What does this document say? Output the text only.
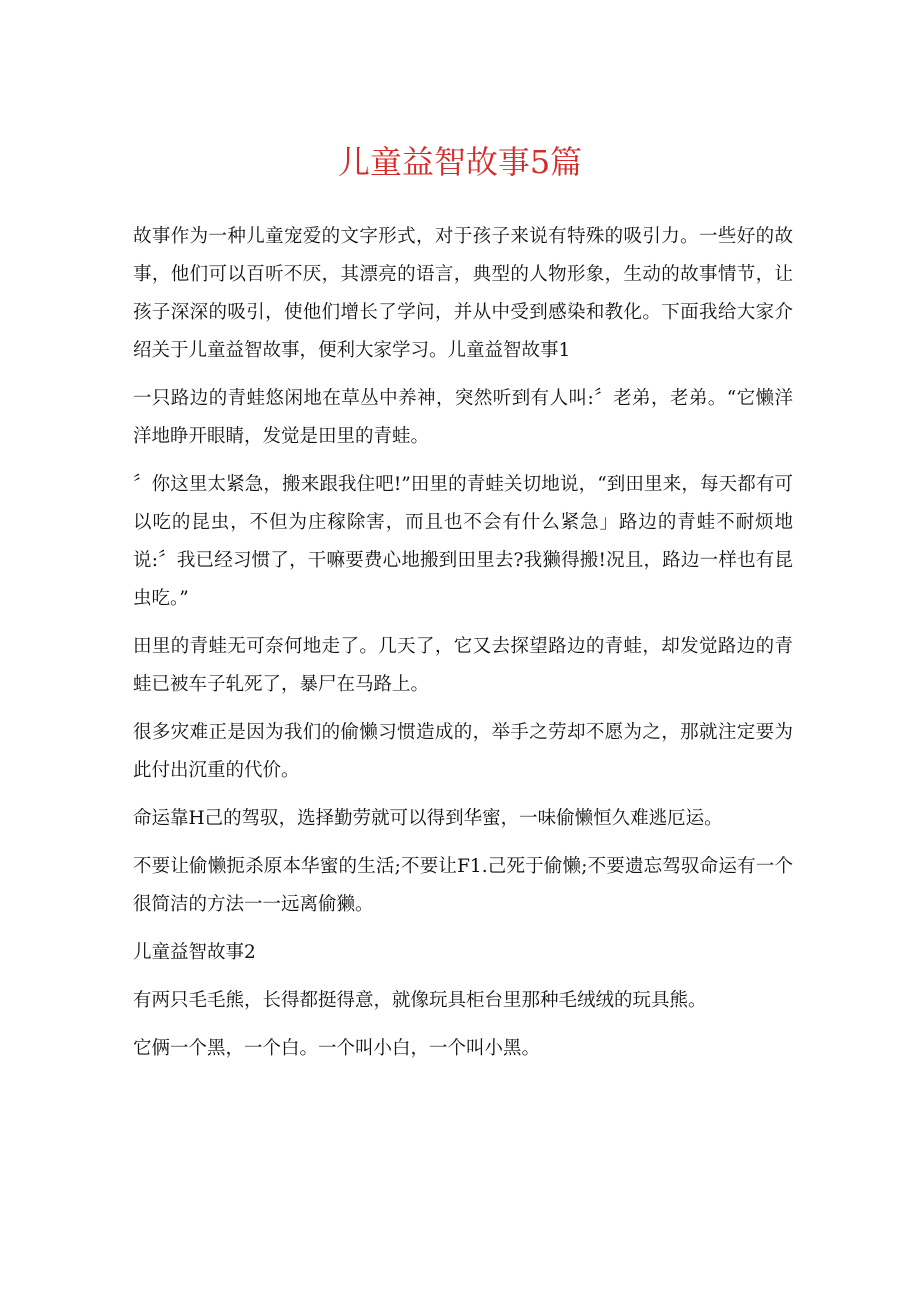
儿童益智故事5篇

故事作为一种儿童宠爱的文字形式，对于孩子来说有特殊的吸引力。一些好的故事，他们可以百听不厌，其漂亮的语言，典型的人物形象，生动的故事情节，让孩子深深的吸引，使他们增长了学问，并从中受到感染和教化。下面我给大家介绍关于儿童益智故事，便利大家学习。儿童益智故事1

一只路边的青蛙悠闲地在草丛中养神，突然听到有人叫:〞老弟，老弟。“它懒洋洋地睁开眼睛，发觉是田里的青蛙。

〞你这里太紧急，搬来跟我住吧!”田里的青蛙关切地说，“到田里来，每天都有可以吃的昆虫，不但为庄稼除害，而且也不会有什么紧急」路边的青蛙不耐烦地说:〞我已经习惯了，干嘛要费心地搬到田里去?我獭得搬!况且，路边一样也有昆虫吃。”

田里的青蛙无可奈何地走了。几天了，它又去探望路边的青蛙，却发觉路边的青蛙已被车子轧死了，暴尸在马路上。

很多灾难正是因为我们的偷懒习惯造成的，举手之劳却不愿为之，那就注定要为此付出沉重的代价。

命运靠H己的驾驭，选择勤劳就可以得到华蜜，一味偷懒恒久难逃厄运。

不要让偷懒扼杀原本华蜜的生活;不要让F1.己死于偷懒;不要遗忘驾驭命运有一个很简洁的方法一一远离偷獭。

儿童益智故事2

有两只毛毛熊，长得都挺得意，就像玩具柜台里那种毛绒绒的玩具熊。

它俩一个黑，一个白。一个叫小白，一个叫小黑。
